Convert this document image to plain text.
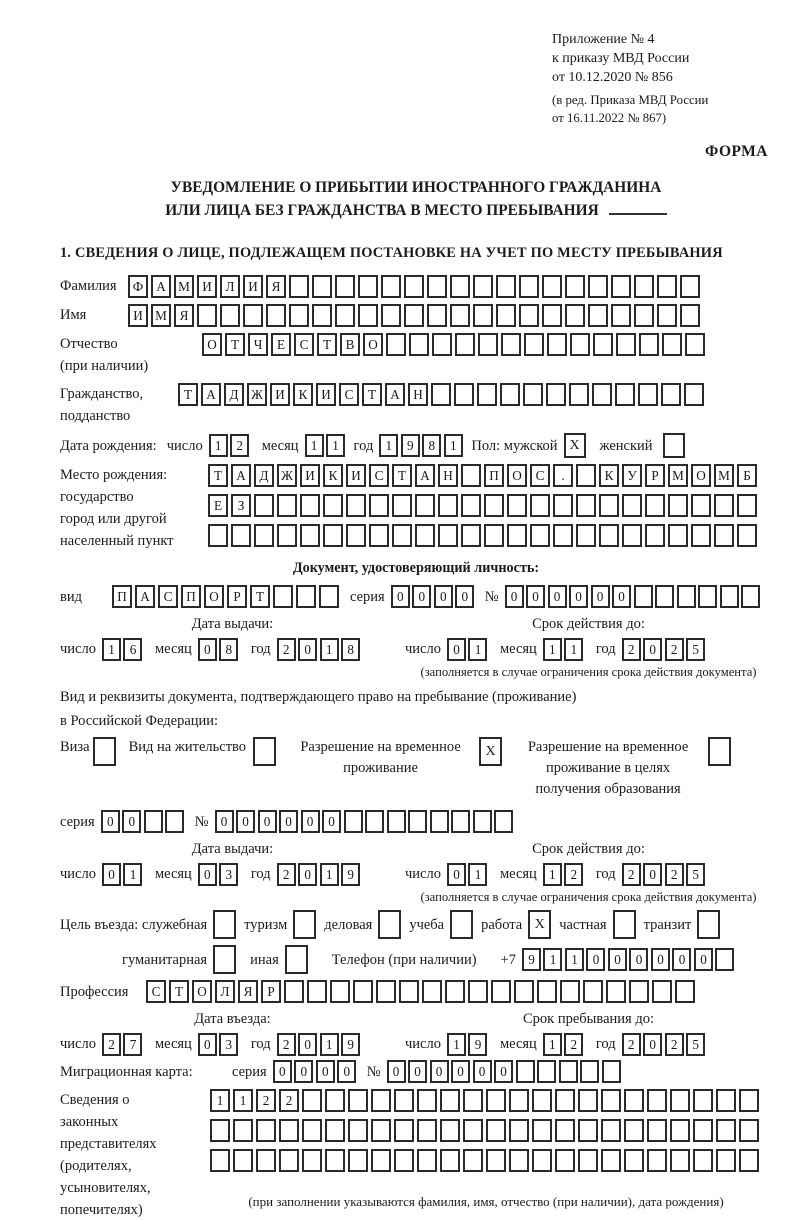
Приложение № 4
к приказу МВД России
от 10.12.2020 № 856
(в ред. Приказа МВД России
от 16.11.2022 № 867)
ФОРМА
УВЕДОМЛЕНИЕ О ПРИБЫТИИ ИНОСТРАННОГО ГРАЖДАНИНА
ИЛИ ЛИЦА БЕЗ ГРАЖДАНСТВА В МЕСТО ПРЕБЫВАНИЯ
1. СВЕДЕНИЯ О ЛИЦЕ, ПОДЛЕЖАЩЕМ ПОСТАНОВКЕ НА УЧЕТ ПО МЕСТУ ПРЕБЫВАНИЯ
Фамилия	Ф А М И	Л	И	Я
Имя	И М Я
Отчество
(при наличии)
О	Т	Ч	Е	С	Т	В	О
Гражданство,
подданство
Т	А	Д Ж И	К	И	С	Т	А	Н
Дата рождения: число 1	2	месяц 1	1	год 1	9	8	1	Пол: мужской X	женский
Место рождения:
государство
город или другой
населенный пункт
Т	А	Д Ж И	К	И	С	Т	А	Н	П	О	С	.	К	У	Р	М О М	Б
Е	З
Документ, удостоверяющий личность:
вид	П	А	С	П	О	Р	Т	серия 0	0	0	0	№ 0	0	0	0	0	0
Дата выдачи:
число 1	6	месяц 0	8	год 2	0	1	8
Срок действия до:
число 0	1	месяц 1	1	год 2	0	2	5
(заполняется в случае ограничения срока действия документа)
Вид и реквизиты документа, подтверждающего право на пребывание (проживание)
в Российской Федерации:
Виза	Вид на жительство	Разрешение на временное проживание
X	Разрешение на временное проживание в целях получения образования
серия 0	0	№ 0	0	0	0	0	0
Дата выдачи:
число 0	1	месяц 0	3	год 2	0	1	9
Срок действия до:
число 0	1	месяц 1	2	год 2	0	2	5
(заполняется в случае ограничения срока действия документа)
Цель въезда: служебная	туризм	деловая	учеба	работа X частная	транзит
гуманитарная	иная	Телефон (при наличии) +7 9	1	1	0	0	0	0	0	0
Профессия	С	Т	О	Л	Я	Р
Дата въезда:
число 2	7	месяц 0	3	год 2	0	1	9
Срок пребывания до:
число 1	9	месяц 1	2	год 2	0	2	5
Миграционная карта:	серия 0	0	0	0	№ 0	0	0	0	0	0
Сведения о
законных
представителях
(родителях,
усыновителях,
попечителях)
1	1	2	2
(при заполнении указываются фамилия, имя, отчество (при наличии), дата рождения)
